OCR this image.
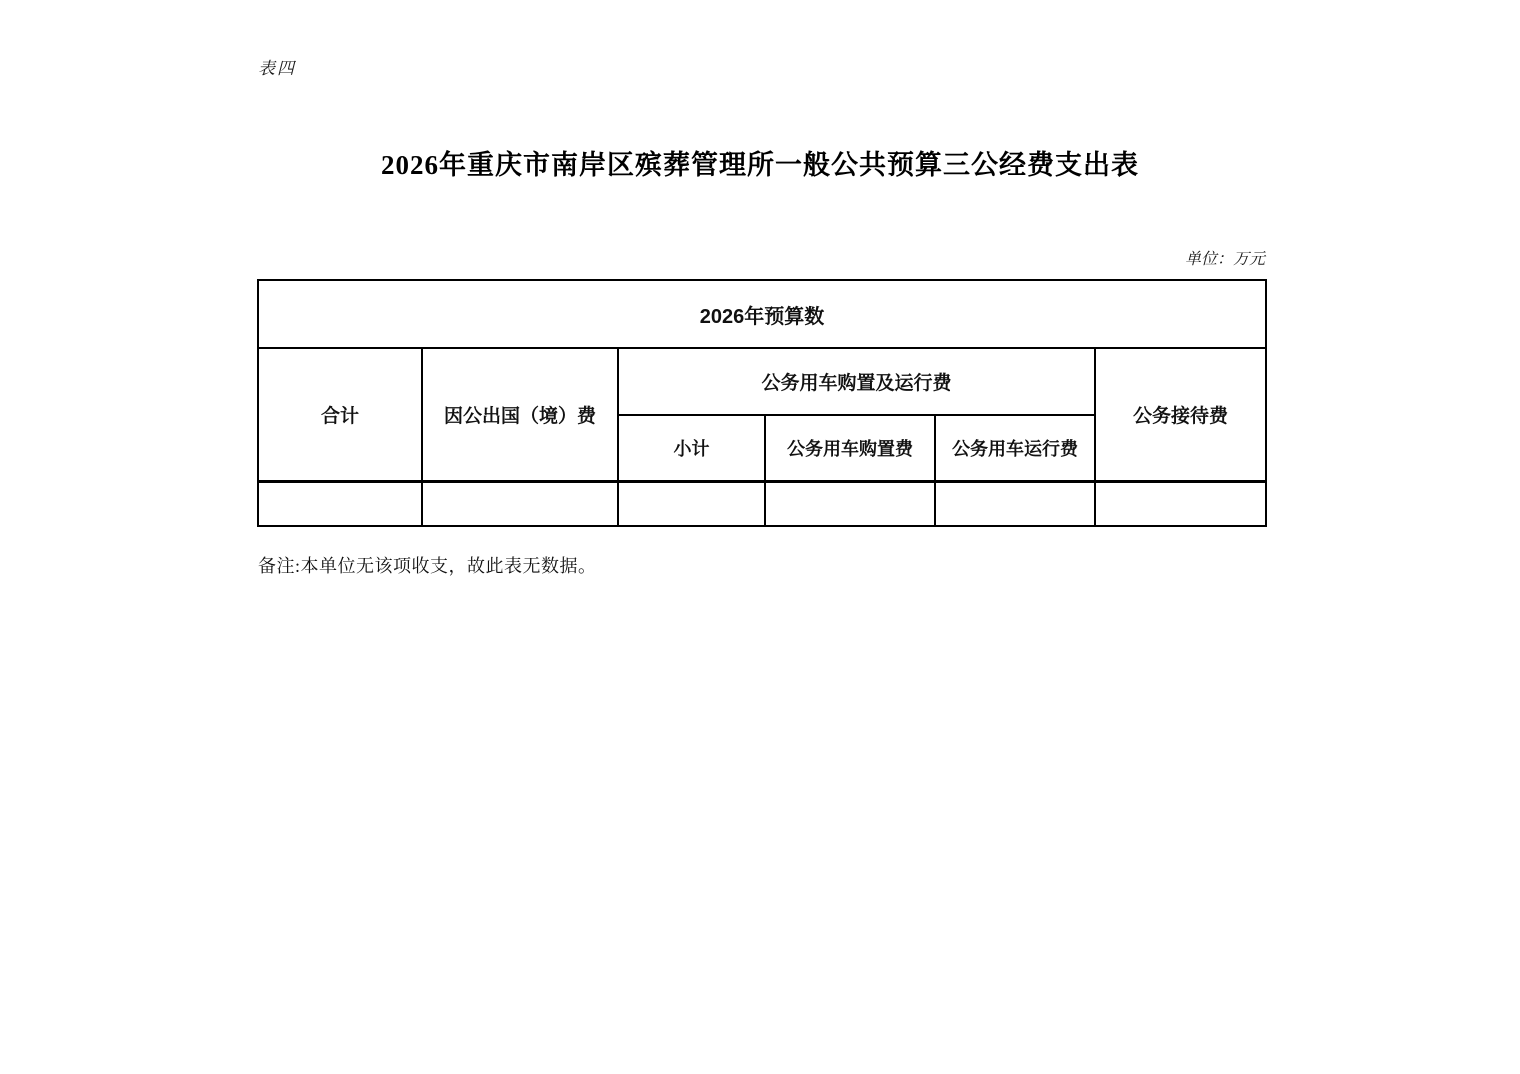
表四
2026年重庆市南岸区殡葬管理所一般公共预算三公经费支出表
单位：万元
2026年预算数					
合计	因公出国（境）费	公务用车购置及运行费			公务接待费
		小计	公务用车购置费	公务用车运行费	

备注:本单位无该项收支，故此表无数据。
